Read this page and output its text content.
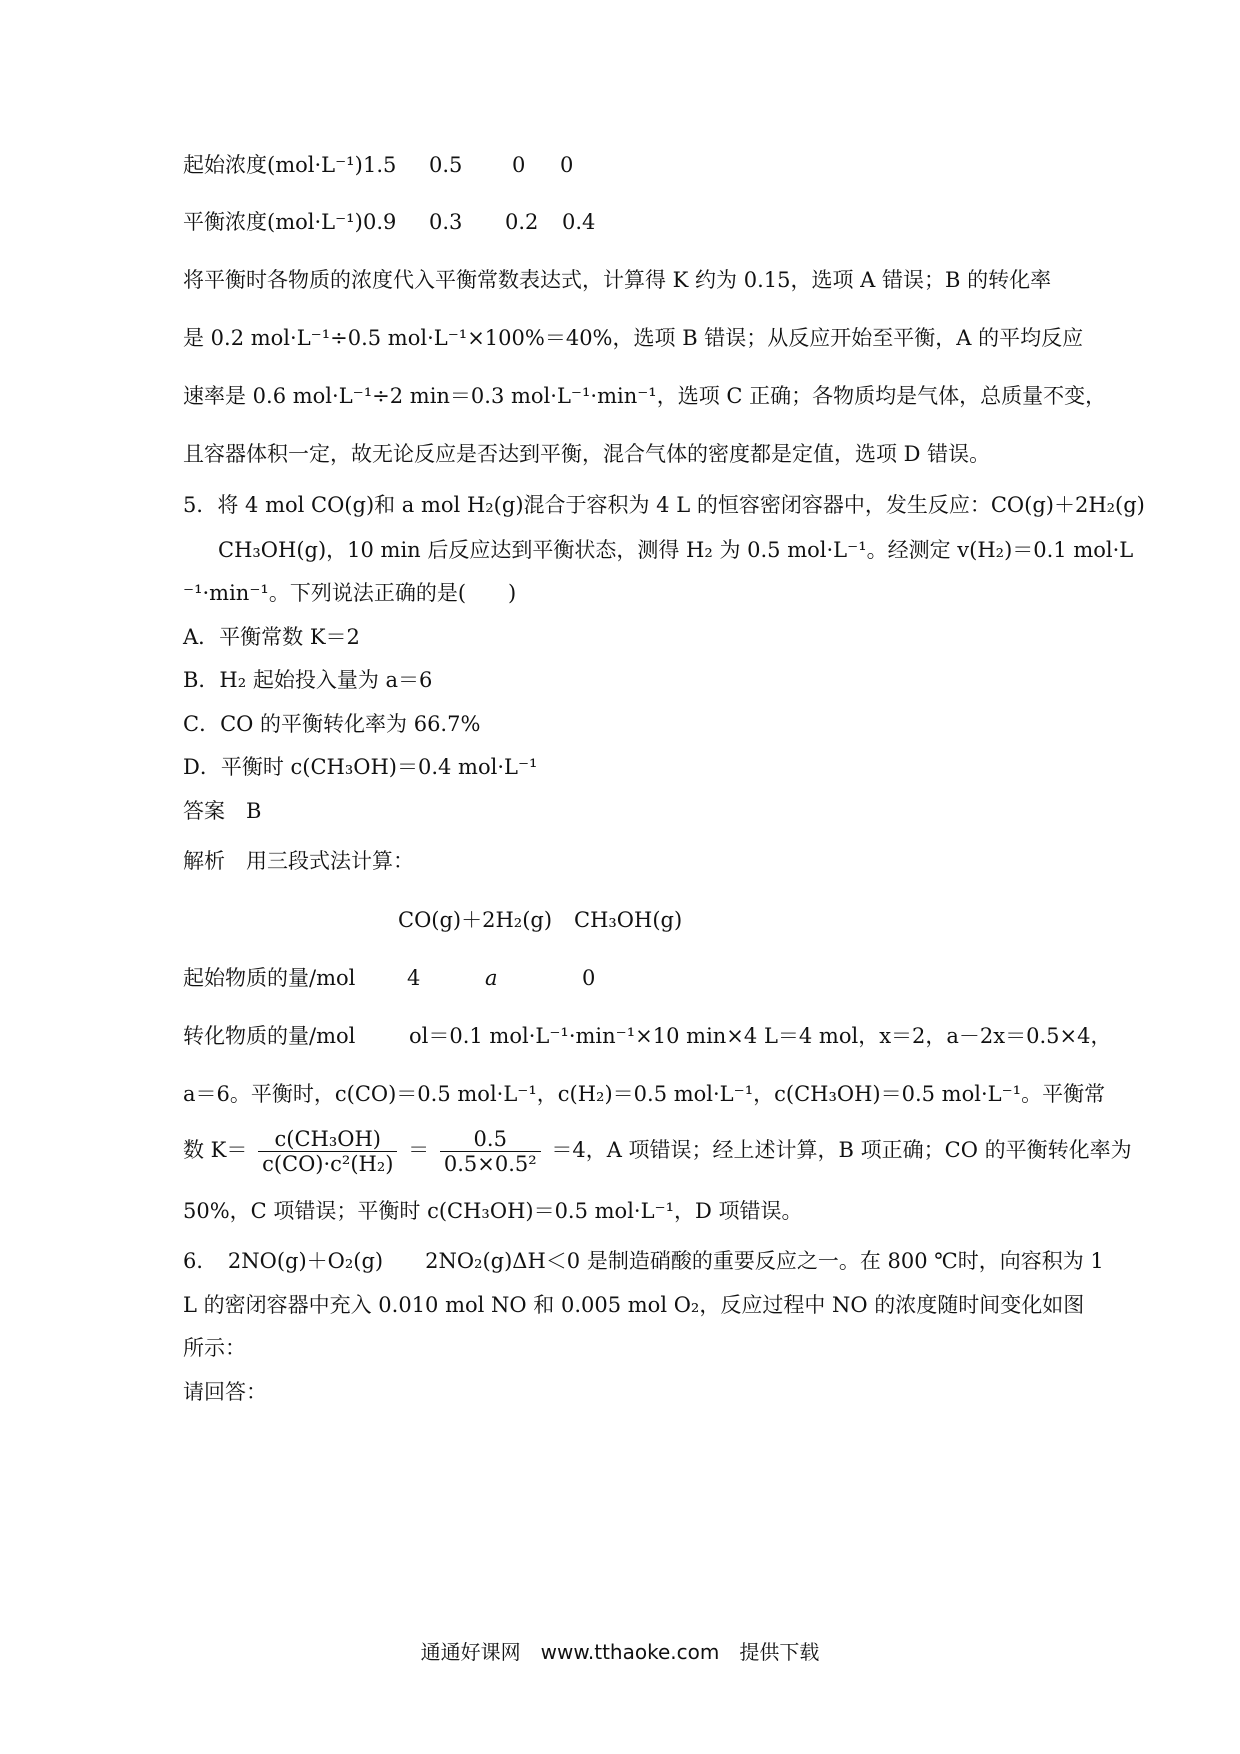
起始浓度(mol·L⁻¹) 1.5 0.5 0 0
平衡浓度(mol·L⁻¹) 0.9 0.3 0.2 0.4
将平衡时各物质的浓度代入平衡常数表达式，计算得 K 约为 0.15，选项 A 错误；B 的转化率
是 0.2 mol·L⁻¹÷0.5 mol·L⁻¹×100%＝40%，选项 B 错误；从反应开始至平衡，A 的平均反应
速率是 0.6 mol·L⁻¹÷2 min＝0.3 mol·L⁻¹·min⁻¹，选项 C 正确；各物质均是气体，总质量不变，
且容器体积一定，故无论反应是否达到平衡，混合气体的密度都是定值，选项 D 错误。
5．将 4 mol CO(g)和 a mol H₂(g)混合于容积为 4 L 的恒容密闭容器中，发生反应：CO(g)＋2H₂(g)
CH₃OH(g)，10 min 后反应达到平衡状态，测得 H₂ 为 0.5 mol·L⁻¹。经测定 v(H₂)＝0.1 mol·L
⁻¹·min⁻¹。下列说法正确的是(　　)
A．平衡常数 K＝2
B．H₂ 起始投入量为 a＝6
C．CO 的平衡转化率为 66.7%
D．平衡时 c(CH₃OH)＝0.4 mol·L⁻¹
答案　B
解析　用三段式法计算：
CO(g)＋2H₂(g) CH₃OH(g)
起始物质的量/mol 4	a	0
转化物质的量/mol	ol＝0.1 mol·L⁻¹·min⁻¹×10 min×4 L＝4 mol，x＝2，a－2x＝0.5×4，
a＝6。平衡时，c(CO)＝0.5 mol·L⁻¹，c(H₂)＝0.5 mol·L⁻¹，c(CH₃OH)＝0.5 mol·L⁻¹。平衡常
数 $K= \frac{\text{c(CH₃OH)}}{\text{c(CO)·c²(H₂)}} = \frac{0.5}{\text{0.5×0.5²}} =4$，A 项错误；经上述计算，B 项正确；CO 的平衡转化率为
50%，C 项错误；平衡时 c(CH₃OH)＝0.5 mol·L⁻¹，D 项错误。
6．　2NO(g)＋O₂(g)　　2NO₂(g)ΔH＜0 是制造硝酸的重要反应之一。在 800 ℃时，向容积为 1
L 的密闭容器中充入 0.010 mol NO 和 0.005 mol O₂，反应过程中 NO 的浓度随时间变化如图
所示：
请回答：
通通好课网　www.tthaoke.com　提供下载
